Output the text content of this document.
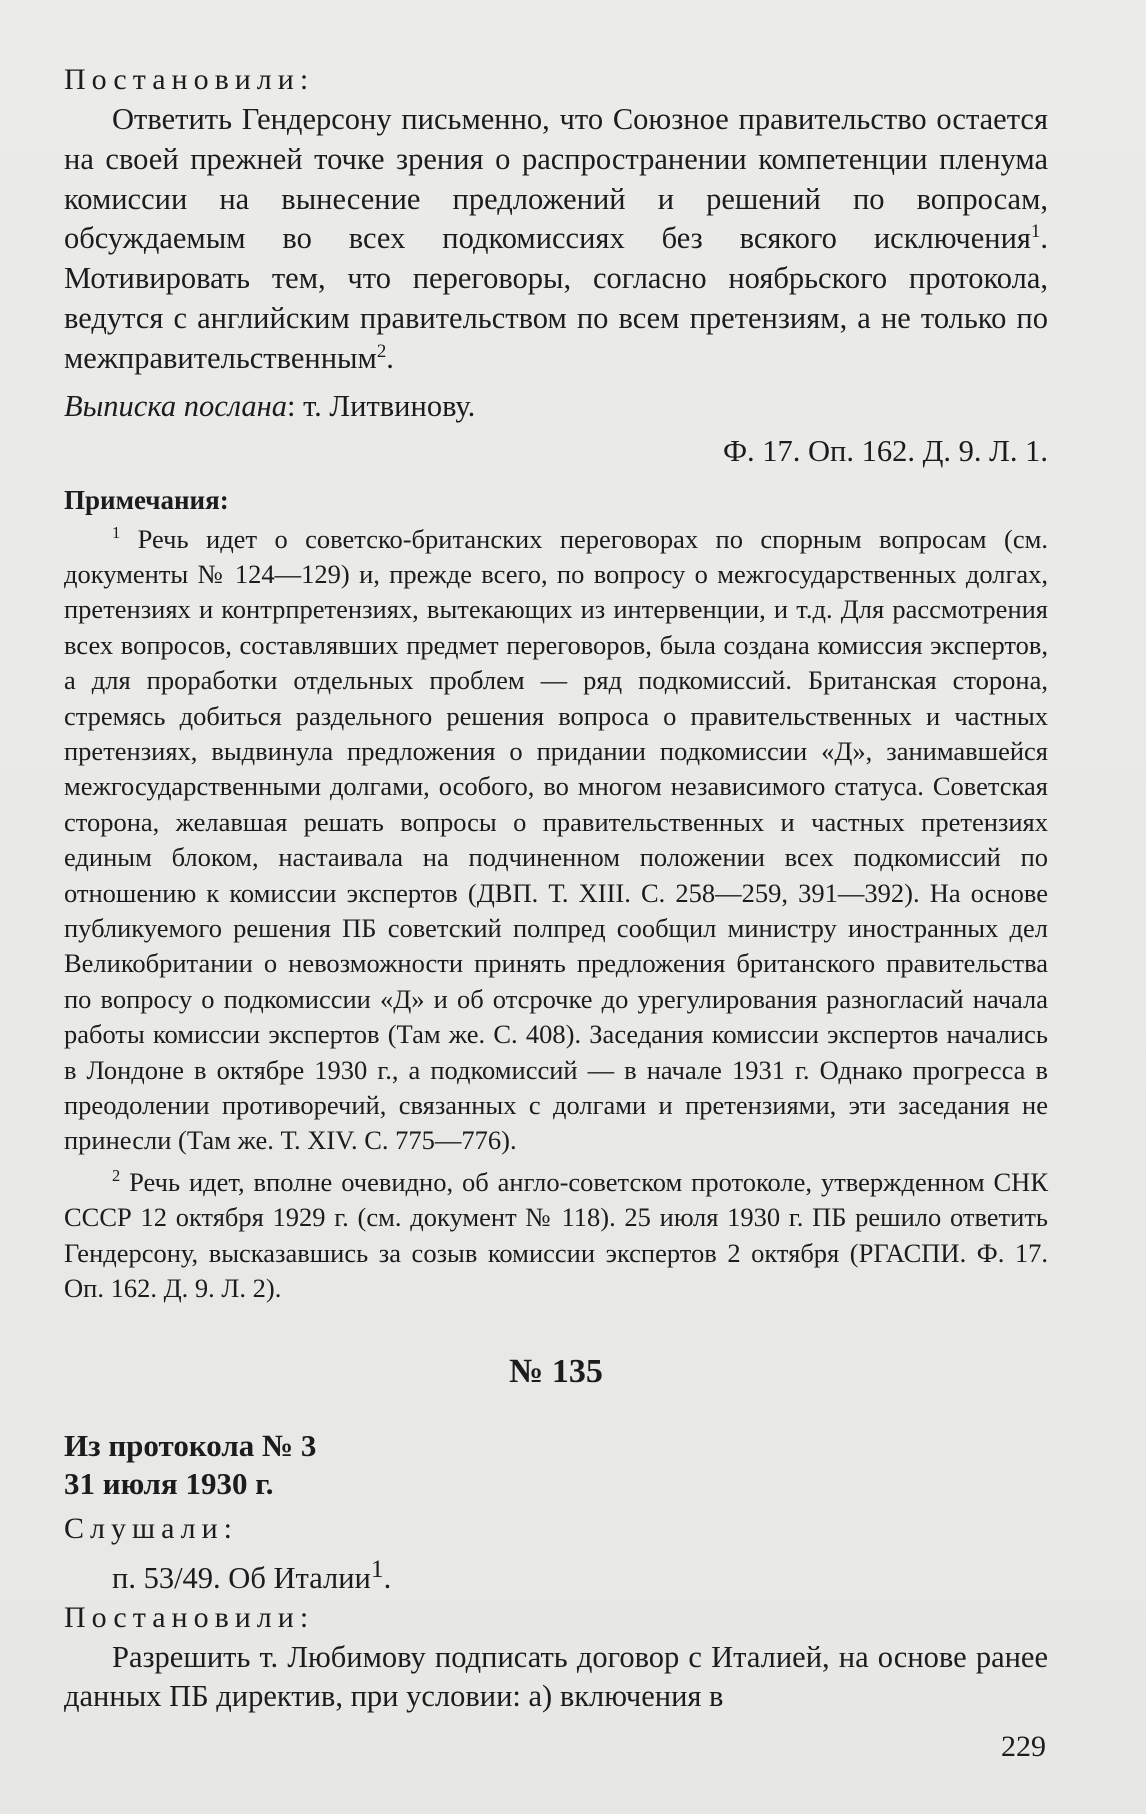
Постановили:

Ответить Гендерсону письменно, что Союзное правительство остается на своей прежней точке зрения о распространении компетенции пленума комиссии на вынесение предложений и решений по вопросам, обсуждаемым во всех подкомиссиях без всякого исключения$^1$. Мотивировать тем, что переговоры, согласно ноябрьского протокола, ведутся с английским правительством по всем претензиям, а не только по межправительственным$^2$.

Выписка послана: т. Литвинову.

Ф. 17. Оп. 162. Д. 9. Л. 1.

Примечания:

$^1$ Речь идет о советско-британских переговорах по спорным вопросам (см. документы № 124—129) и, прежде всего, по вопросу о межгосударственных долгах, претензиях и контрпретензиях, вытекающих из интервенции, и т.д. Для рассмотрения всех вопросов, составлявших предмет переговоров, была создана комиссия экспертов, а для проработки отдельных проблем — ряд подкомиссий. Британская сторона, стремясь добиться раздельного решения вопроса о правительственных и частных претензиях, выдвинула предложения о придании подкомиссии «Д», занимавшейся межгосударственными долгами, особого, во многом независимого статуса. Советская сторона, желавшая решать вопросы о правительственных и частных претензиях единым блоком, настаивала на подчиненном положении всех подкомиссий по отношению к комиссии экспертов (ДВП. Т. XIII. С. 258—259, 391—392). На основе публикуемого решения ПБ советский полпред сообщил министру иностранных дел Великобритании о невозможности принять предложения британского правительства по вопросу о подкомиссии «Д» и об отсрочке до урегулирования разногласий начала работы комиссии экспертов (Там же. С. 408). Заседания комиссии экспертов начались в Лондоне в октябре 1930 г., а подкомиссий — в начале 1931 г. Однако прогресса в преодолении противоречий, связанных с долгами и претензиями, эти заседания не принесли (Там же. Т. XIV. С. 775—776).

$^2$ Речь идет, вполне очевидно, об англо-советском протоколе, утвержденном СНК СССР 12 октября 1929 г. (см. документ № 118). 25 июля 1930 г. ПБ решило ответить Гендерсону, высказавшись за созыв комиссии экспертов 2 октября (РГАСПИ. Ф. 17. Оп. 162. Д. 9. Л. 2).

№ 135

Из протокола № 3

31 июля 1930 г.

Слушали:

п. 53/49. Об Италии$^1$.

Постановили:

Разрешить т. Любимову подписать договор с Италией, на основе ранее данных ПБ директив, при условии: а) включения в

229
